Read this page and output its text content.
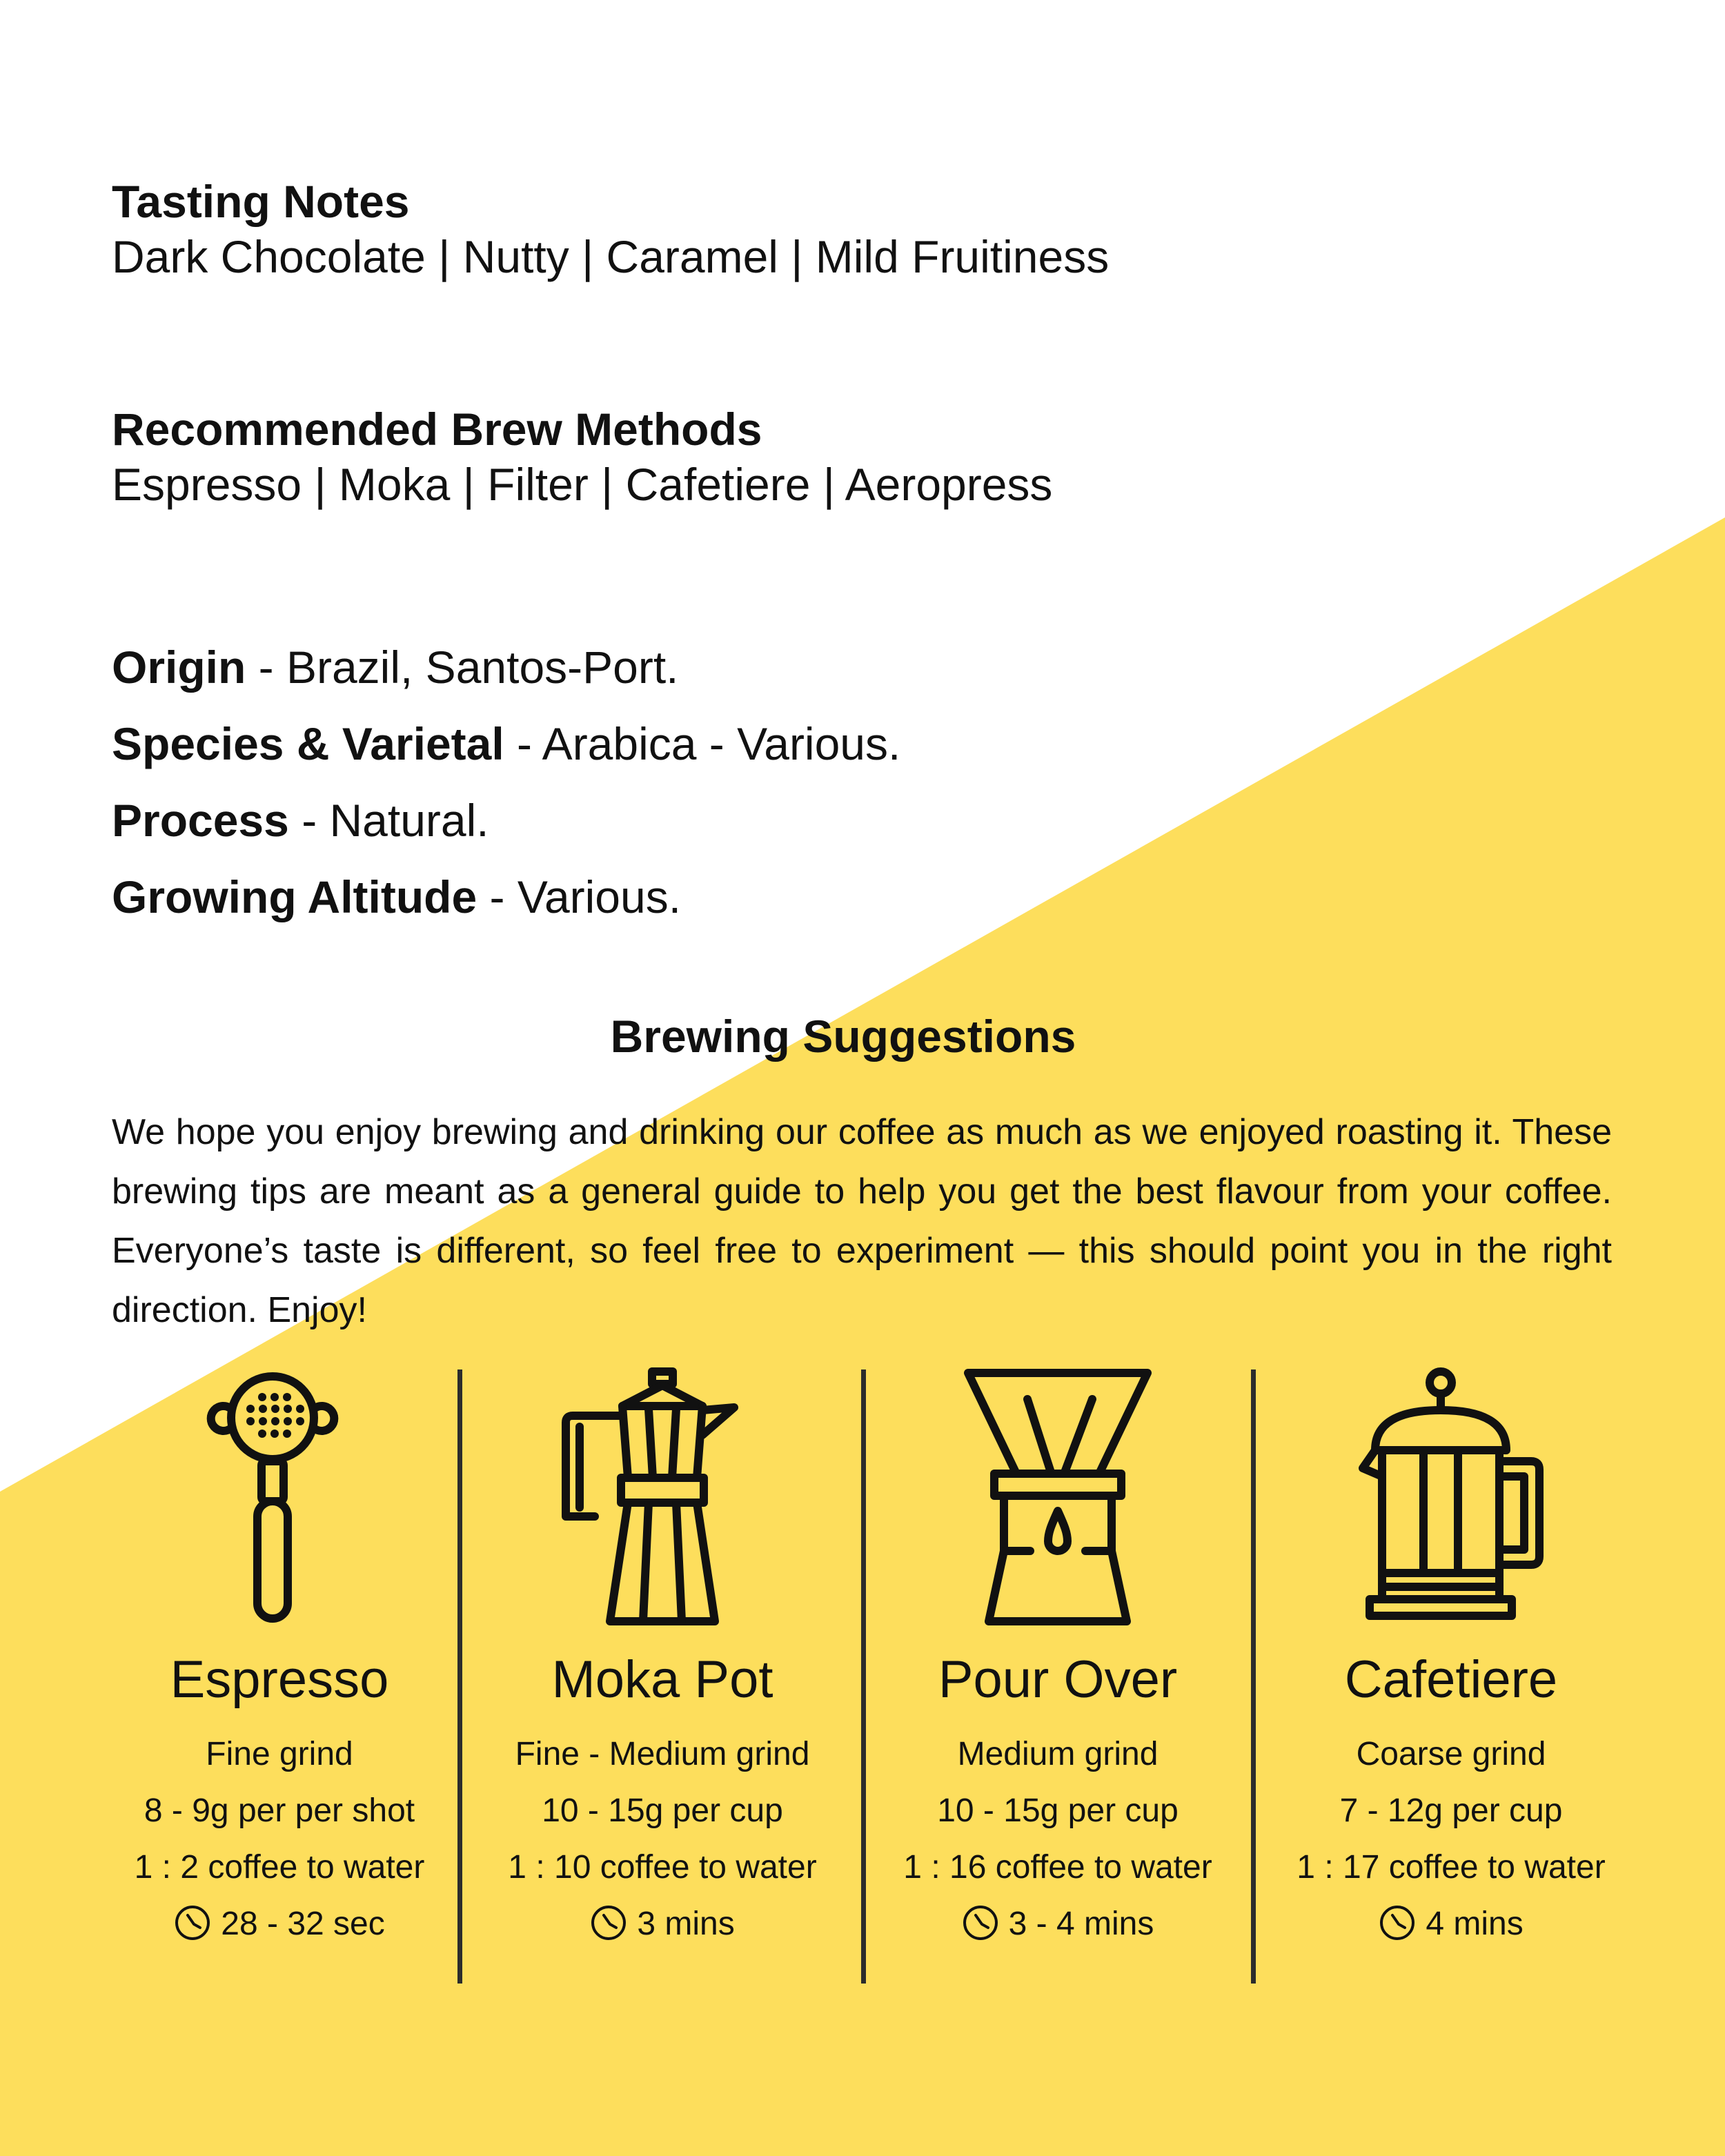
Tasting Notes

Dark Chocolate | Nutty | Caramel | Mild Fruitiness

Recommended Brew Methods

Espresso | Moka | Filter | Cafetiere | Aeropress

Origin - Brazil, Santos-Port.

Species & Varietal - Arabica - Various.

Process - Natural.

Growing Altitude - Various.

Brewing Suggestions

We hope you enjoy brewing and drinking our coffee as much as we enjoyed roasting it. These brewing tips are meant as a general guide to help you get the best flavour from your coffee. Everyone’s taste is different, so feel free to experiment — this should point you in the right direction. Enjoy!

Espresso
Fine grind
8 - 9g per per shot
1 : 2 coffee to water
28 - 32 sec
Moka Pot
Fine - Medium grind
10 - 15g per cup
1 : 10 coffee to water
3 mins
Pour Over
Medium grind
10 - 15g per cup
1 : 16 coffee to water
3 - 4 mins
Cafetiere
Coarse grind
7 - 12g per cup
1 : 17 coffee to water
4 mins
